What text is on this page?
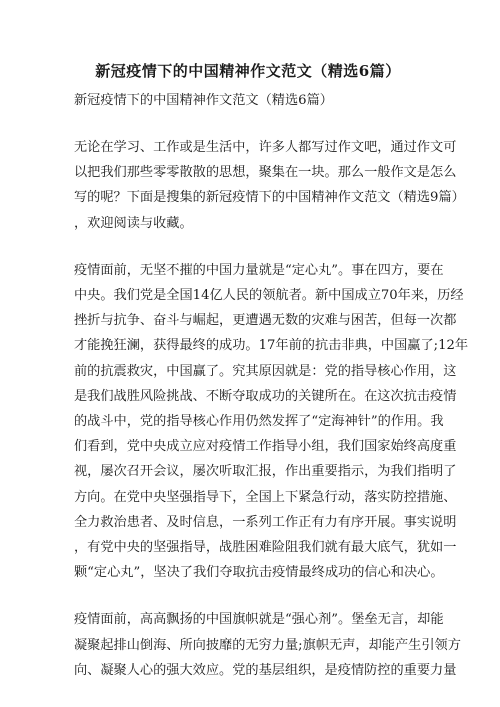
新冠疫情下的中国精神作文范文（精选6篇）
新冠疫情下的中国精神作文范文（精选6篇）

无论在学习、工作或是生活中，许多人都写过作文吧，通过作文可
以把我们那些零零散散的思想，聚集在一块。那么一般作文是怎么
写的呢？下面是搜集的新冠疫情下的中国精神作文范文（精选9篇）
，欢迎阅读与收藏。

疫情面前，无坚不摧的中国力量就是“定心丸”。事在四方，要在
中央。我们党是全国14亿人民的领航者。新中国成立70年来，历经
挫折与抗争、奋斗与崛起，更遭遇无数的灾难与困苦，但每一次都
才能挽狂澜，获得最终的成功。17年前的抗击非典，中国赢了;12年
前的抗震救灾，中国赢了。究其原因就是：党的指导核心作用，这
是我们战胜风险挑战、不断夺取成功的关键所在。在这次抗击疫情
的战斗中，党的指导核心作用仍然发挥了“定海神针”的作用。我
们看到，党中央成立应对疫情工作指导小组，我们国家始终高度重
视，屡次召开会议，屡次听取汇报，作出重要指示，为我们指明了
方向。在党中央坚强指导下，全国上下紧急行动，落实防控措施、
全力救治患者、及时信息，一系列工作正有力有序开展。事实说明
，有党中央的坚强指导，战胜困难险阻我们就有最大底气，犹如一
颗“定心丸”，坚决了我们夺取抗击疫情最终成功的信心和决心。

疫情面前，高高飘扬的中国旗帜就是“强心剂”。堡垒无言，却能
凝聚起排山倒海、所向披靡的无穷力量;旗帜无声，却能产生引领方
向、凝聚人心的强大效应。党的基层组织，是疫情防控的重要力量
